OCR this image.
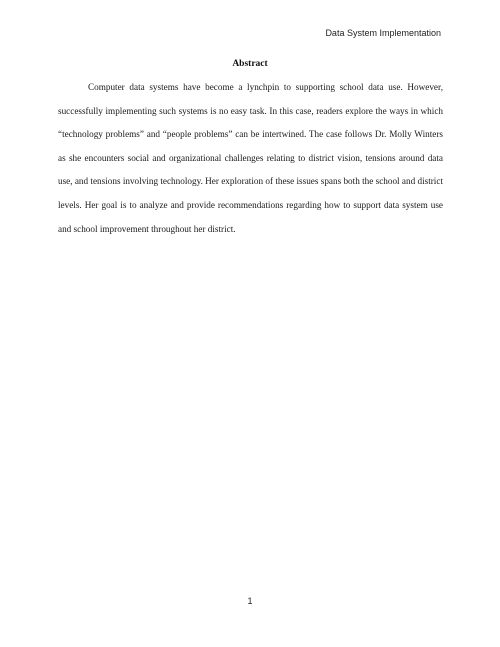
Data System Implementation
Abstract

Computer data systems have become a lynchpin to supporting school data use. However, successfully implementing such systems is no easy task. In this case, readers explore the ways in which “technology problems” and “people problems” can be intertwined. The case follows Dr. Molly Winters as she encounters social and organizational challenges relating to district vision, tensions around data use, and tensions involving technology. Her exploration of these issues spans both the school and district levels. Her goal is to analyze and provide recommendations regarding how to support data system use and school improvement throughout her district.

1
